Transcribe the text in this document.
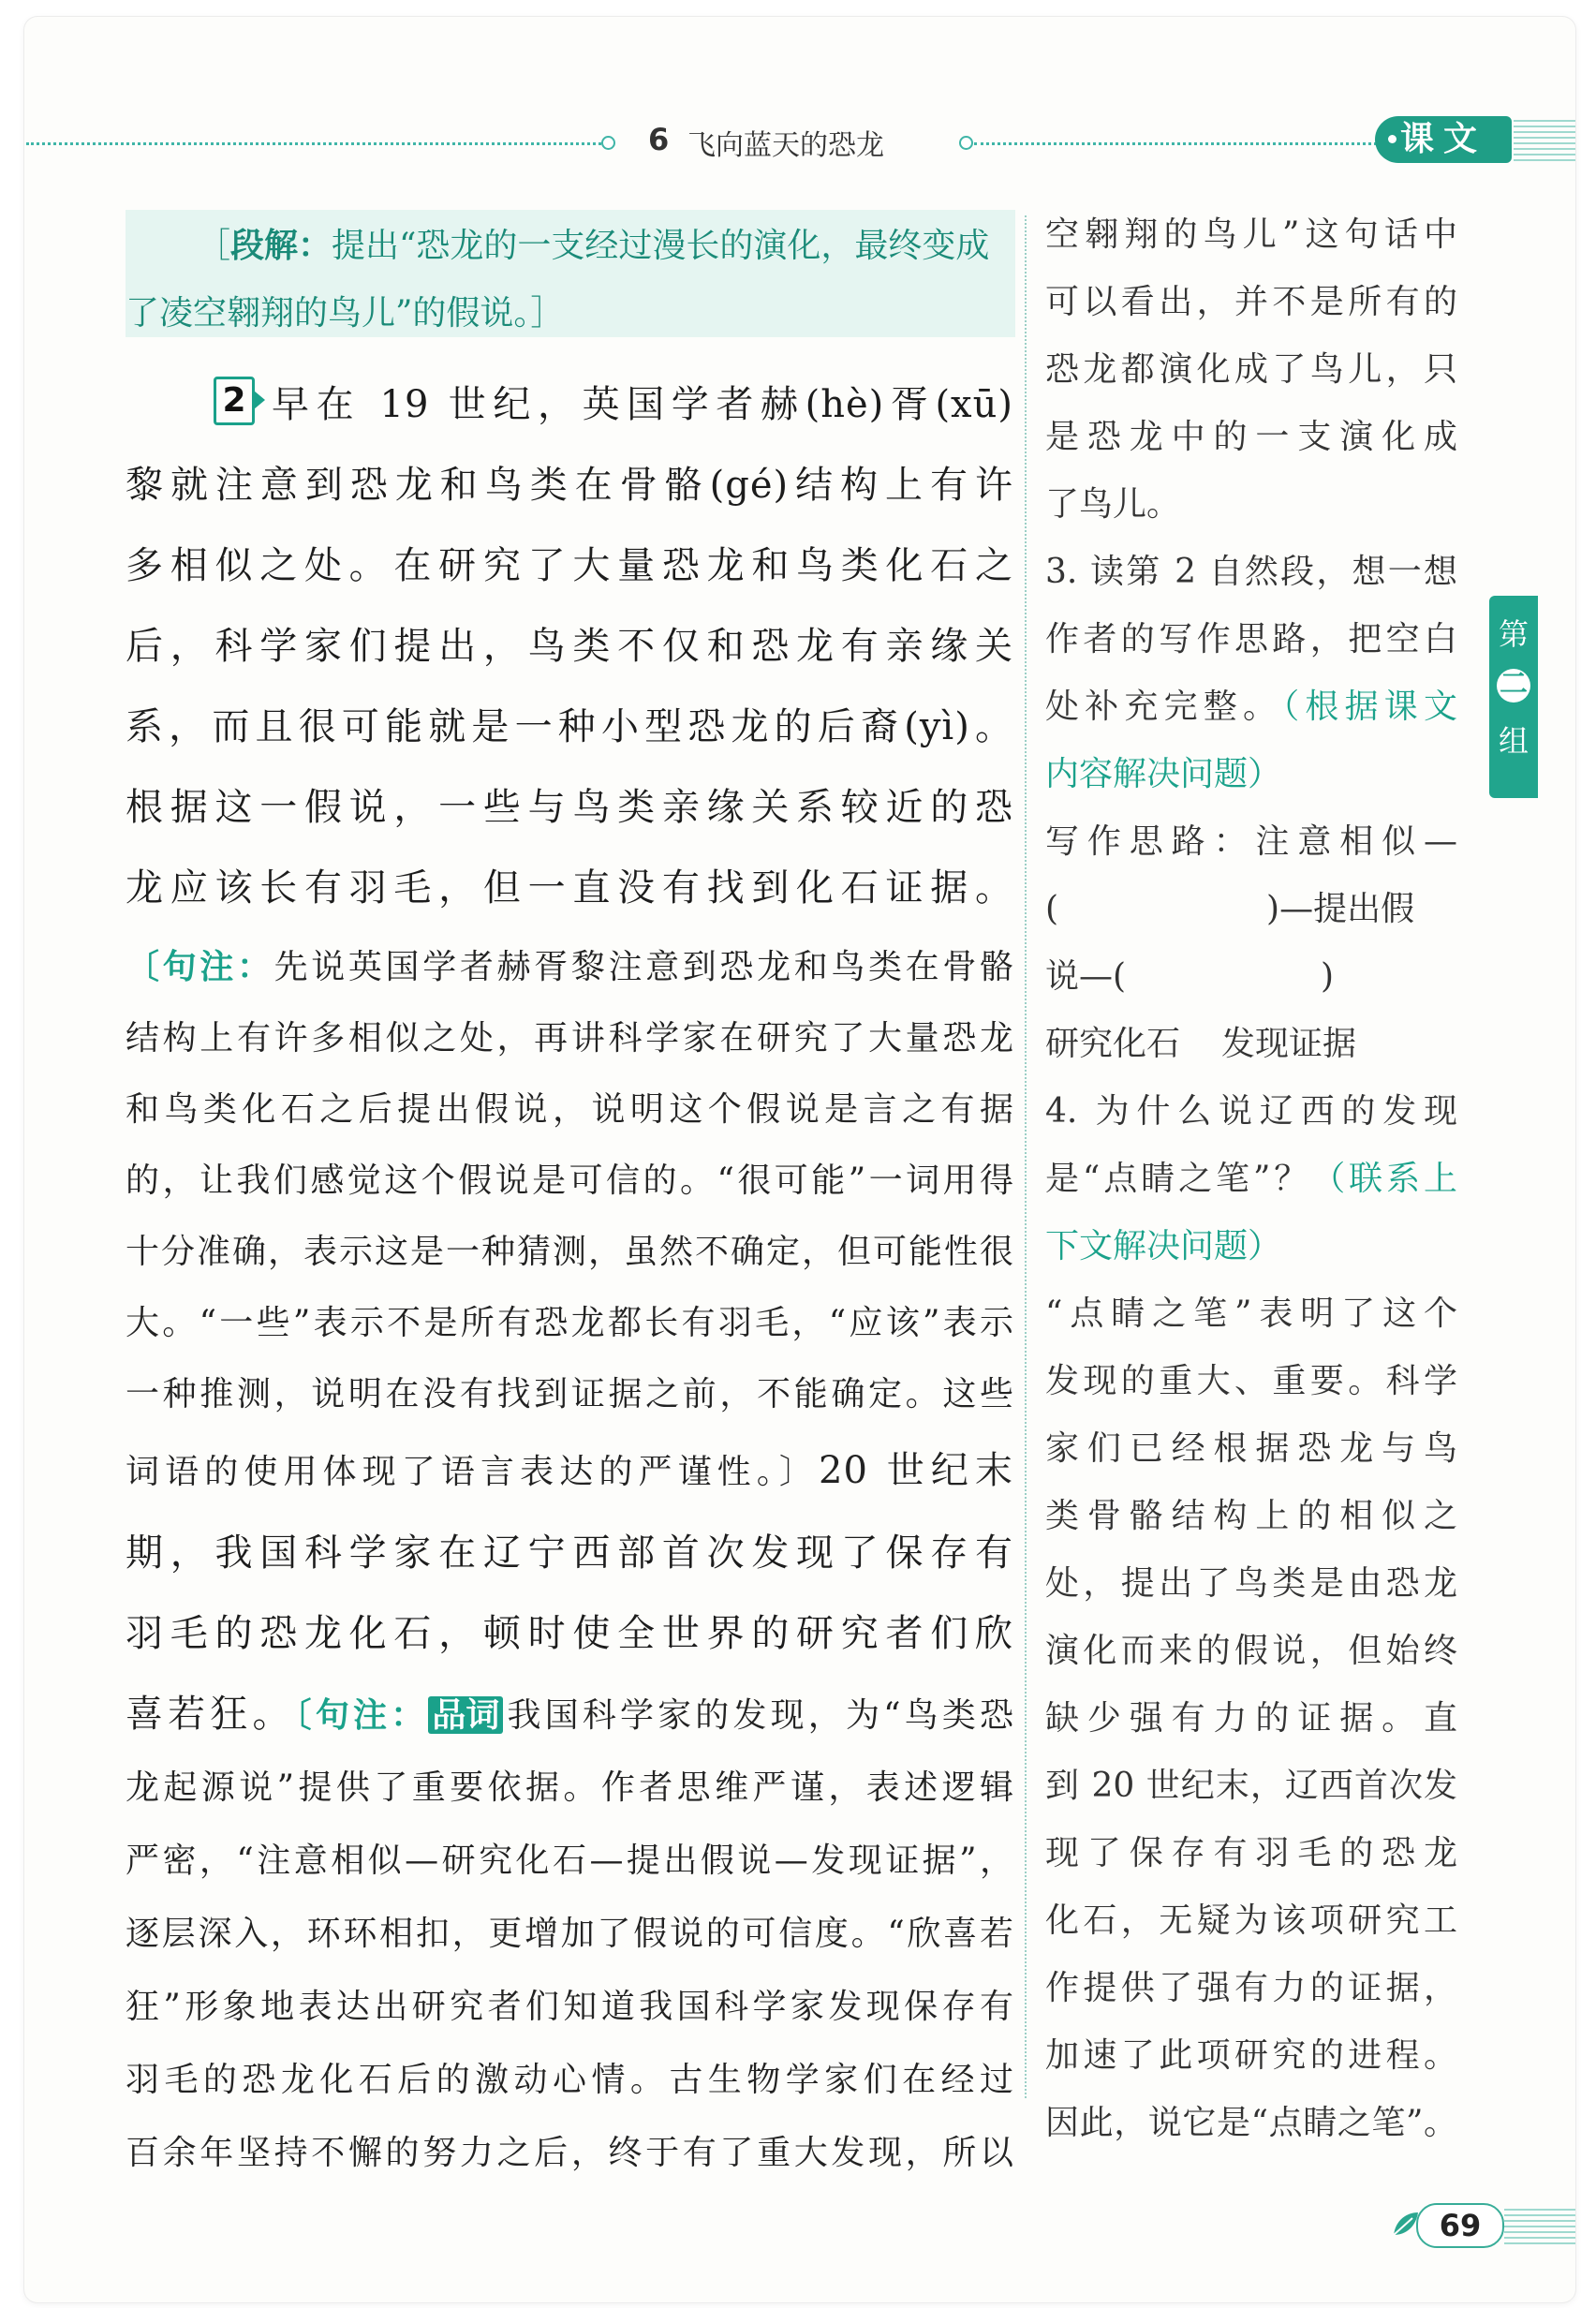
6 飞向蓝天的恐龙	课文
［段解：提出“恐龙的一支经过漫长的演化，最终变成了凌空翱翔的鸟儿”的假说。］
2 早在 19 世纪，英国学者赫(hè)胥(xū)
黎就注意到恐龙和鸟类在骨骼(gé)结构上有许
多相似之处。在研究了大量恐龙和鸟类化石之
后，科学家们提出，鸟类不仅和恐龙有亲缘关
系，而且很可能就是一种小型恐龙的后裔(yì)。
根据这一假说，一些与鸟类亲缘关系较近的恐
龙应该长有羽毛，但一直没有找到化石证据。
〔句注：先说英国学者赫胥黎注意到恐龙和鸟类在骨骼
结构上有许多相似之处，再讲科学家在研究了大量恐龙
和鸟类化石之后提出假说，说明这个假说是言之有据
的，让我们感觉这个假说是可信的。“很可能”一词用得
十分准确，表示这是一种猜测，虽然不确定，但可能性很
大。“一些”表示不是所有恐龙都长有羽毛，“应该”表示
一种推测，说明在没有找到证据之前，不能确定。这些
词语的使用体现了语言表达的严谨性。〕20 世纪末
期，我国科学家在辽宁西部首次发现了保存有
羽毛的恐龙化石，顿时使全世界的研究者们欣
喜若狂。〔句注： 品词 我国科学家的发现，为“鸟类恐
龙起源说”提供了重要依据。作者思维严谨，表述逻辑
严密，“注意相似—研究化石—提出假说—发现证据”，
逐层深入，环环相扣，更增加了假说的可信度。“欣喜若
狂”形象地表达出研究者们知道我国科学家发现保存有
羽毛的恐龙化石后的激动心情。古生物学家们在经过
百余年坚持不懈的努力之后，终于有了重大发现，所以
空翱翔的鸟儿”这句话中
可以看出，并不是所有的
恐龙都演化成了鸟儿，只
是恐龙中的一支演化成
了鸟儿。
3. 读第 2 自然段，想一想
作者的写作思路，把空白
处补充完整。（根据课文
内容解决问题）
写作思路：注意相似—
(	)—提出假
说—(	)
研究化石 发现证据
4. 为什么说辽西的发现
是“点睛之笔”？（联系上
下文解决问题）
“点睛之笔”表明了这个
发现的重大、重要。科学
家们已经根据恐龙与鸟
类骨骼结构上的相似之
处，提出了鸟类是由恐龙
演化而来的假说，但始终
缺少强有力的证据。直
到 20 世纪末，辽西首次发
现了保存有羽毛的恐龙
化石，无疑为该项研究工
作提供了强有力的证据，
加速了此项研究的进程。
因此，说它是“点睛之笔”。
第
二
组
69
